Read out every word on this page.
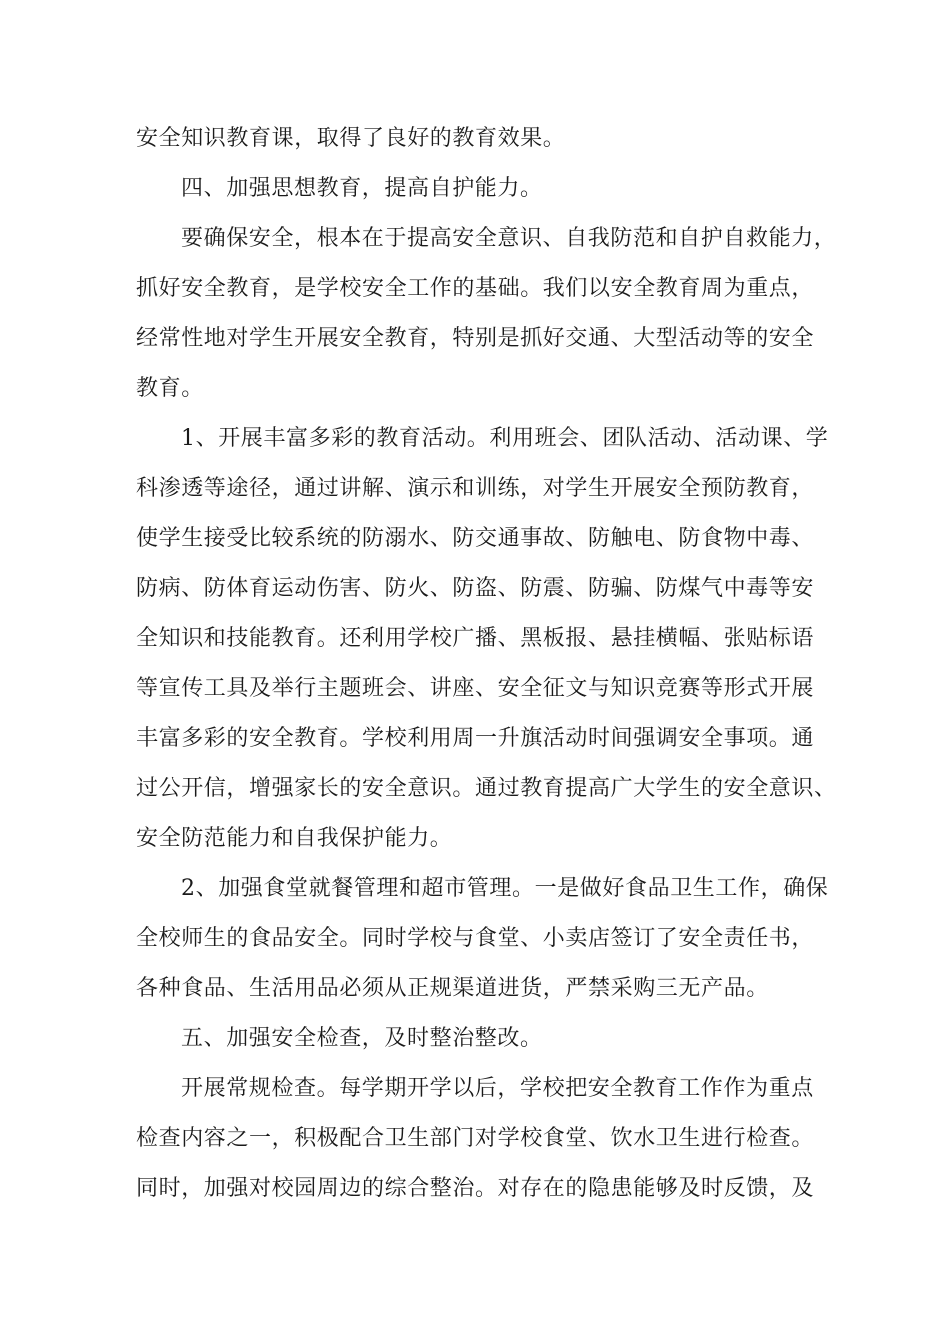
安全知识教育课，取得了良好的教育效果。
四、加强思想教育，提高自护能力。
要确保安全，根本在于提高安全意识、自我防范和自护自救能力，
抓好安全教育，是学校安全工作的基础。我们以安全教育周为重点，
经常性地对学生开展安全教育，特别是抓好交通、大型活动等的安全
教育。
1、开展丰富多彩的教育活动。利用班会、团队活动、活动课、学
科渗透等途径，通过讲解、演示和训练，对学生开展安全预防教育，
使学生接受比较系统的防溺水、防交通事故、防触电、防食物中毒、
防病、防体育运动伤害、防火、防盗、防震、防骗、防煤气中毒等安
全知识和技能教育。还利用学校广播、黑板报、悬挂横幅、张贴标语
等宣传工具及举行主题班会、讲座、安全征文与知识竞赛等形式开展
丰富多彩的安全教育。学校利用周一升旗活动时间强调安全事项。通
过公开信，增强家长的安全意识。通过教育提高广大学生的安全意识、
安全防范能力和自我保护能力。
2、加强食堂就餐管理和超市管理。一是做好食品卫生工作，确保
全校师生的食品安全。同时学校与食堂、小卖店签订了安全责任书，
各种食品、生活用品必须从正规渠道进货，严禁采购三无产品。
五、加强安全检查，及时整治整改。
开展常规检查。每学期开学以后，学校把安全教育工作作为重点
检查内容之一，积极配合卫生部门对学校食堂、饮水卫生进行检查。
同时，加强对校园周边的综合整治。对存在的隐患能够及时反馈，及
